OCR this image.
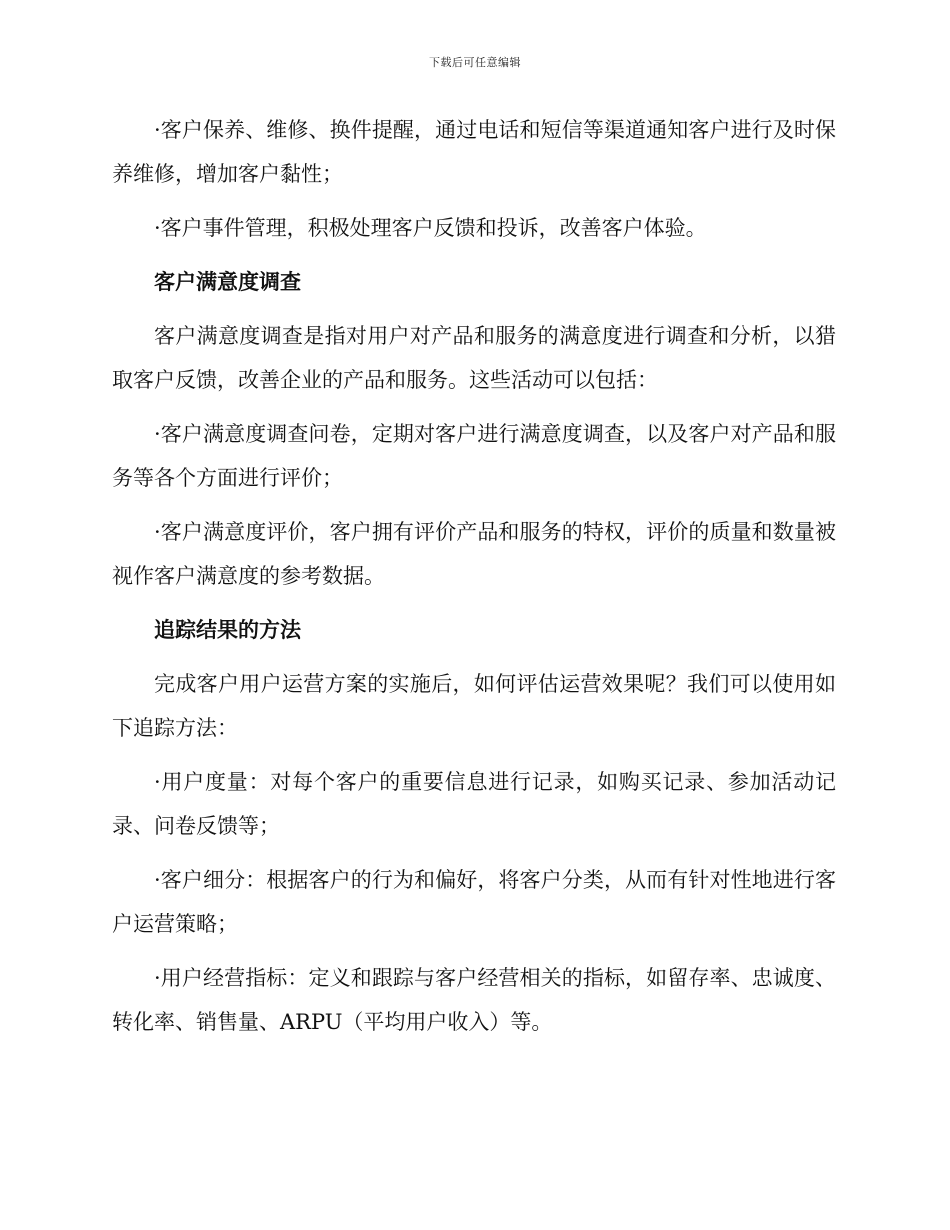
下载后可任意编辑

·客户保养、维修、换件提醒，通过电话和短信等渠道通知客户进行及时保养维修，增加客户黏性；

·客户事件管理，积极处理客户反馈和投诉，改善客户体验。

客户满意度调查

客户满意度调查是指对用户对产品和服务的满意度进行调查和分析，以猎取客户反馈，改善企业的产品和服务。这些活动可以包括：

·客户满意度调查问卷，定期对客户进行满意度调查，以及客户对产品和服务等各个方面进行评价；

·客户满意度评价，客户拥有评价产品和服务的特权，评价的质量和数量被视作客户满意度的参考数据。

追踪结果的方法

完成客户用户运营方案的实施后，如何评估运营效果呢？我们可以使用如下追踪方法：

·用户度量：对每个客户的重要信息进行记录，如购买记录、参加活动记录、问卷反馈等；

·客户细分：根据客户的行为和偏好，将客户分类，从而有针对性地进行客户运营策略；

·用户经营指标：定义和跟踪与客户经营相关的指标，如留存率、忠诚度、转化率、销售量、ARPU（平均用户收入）等。
